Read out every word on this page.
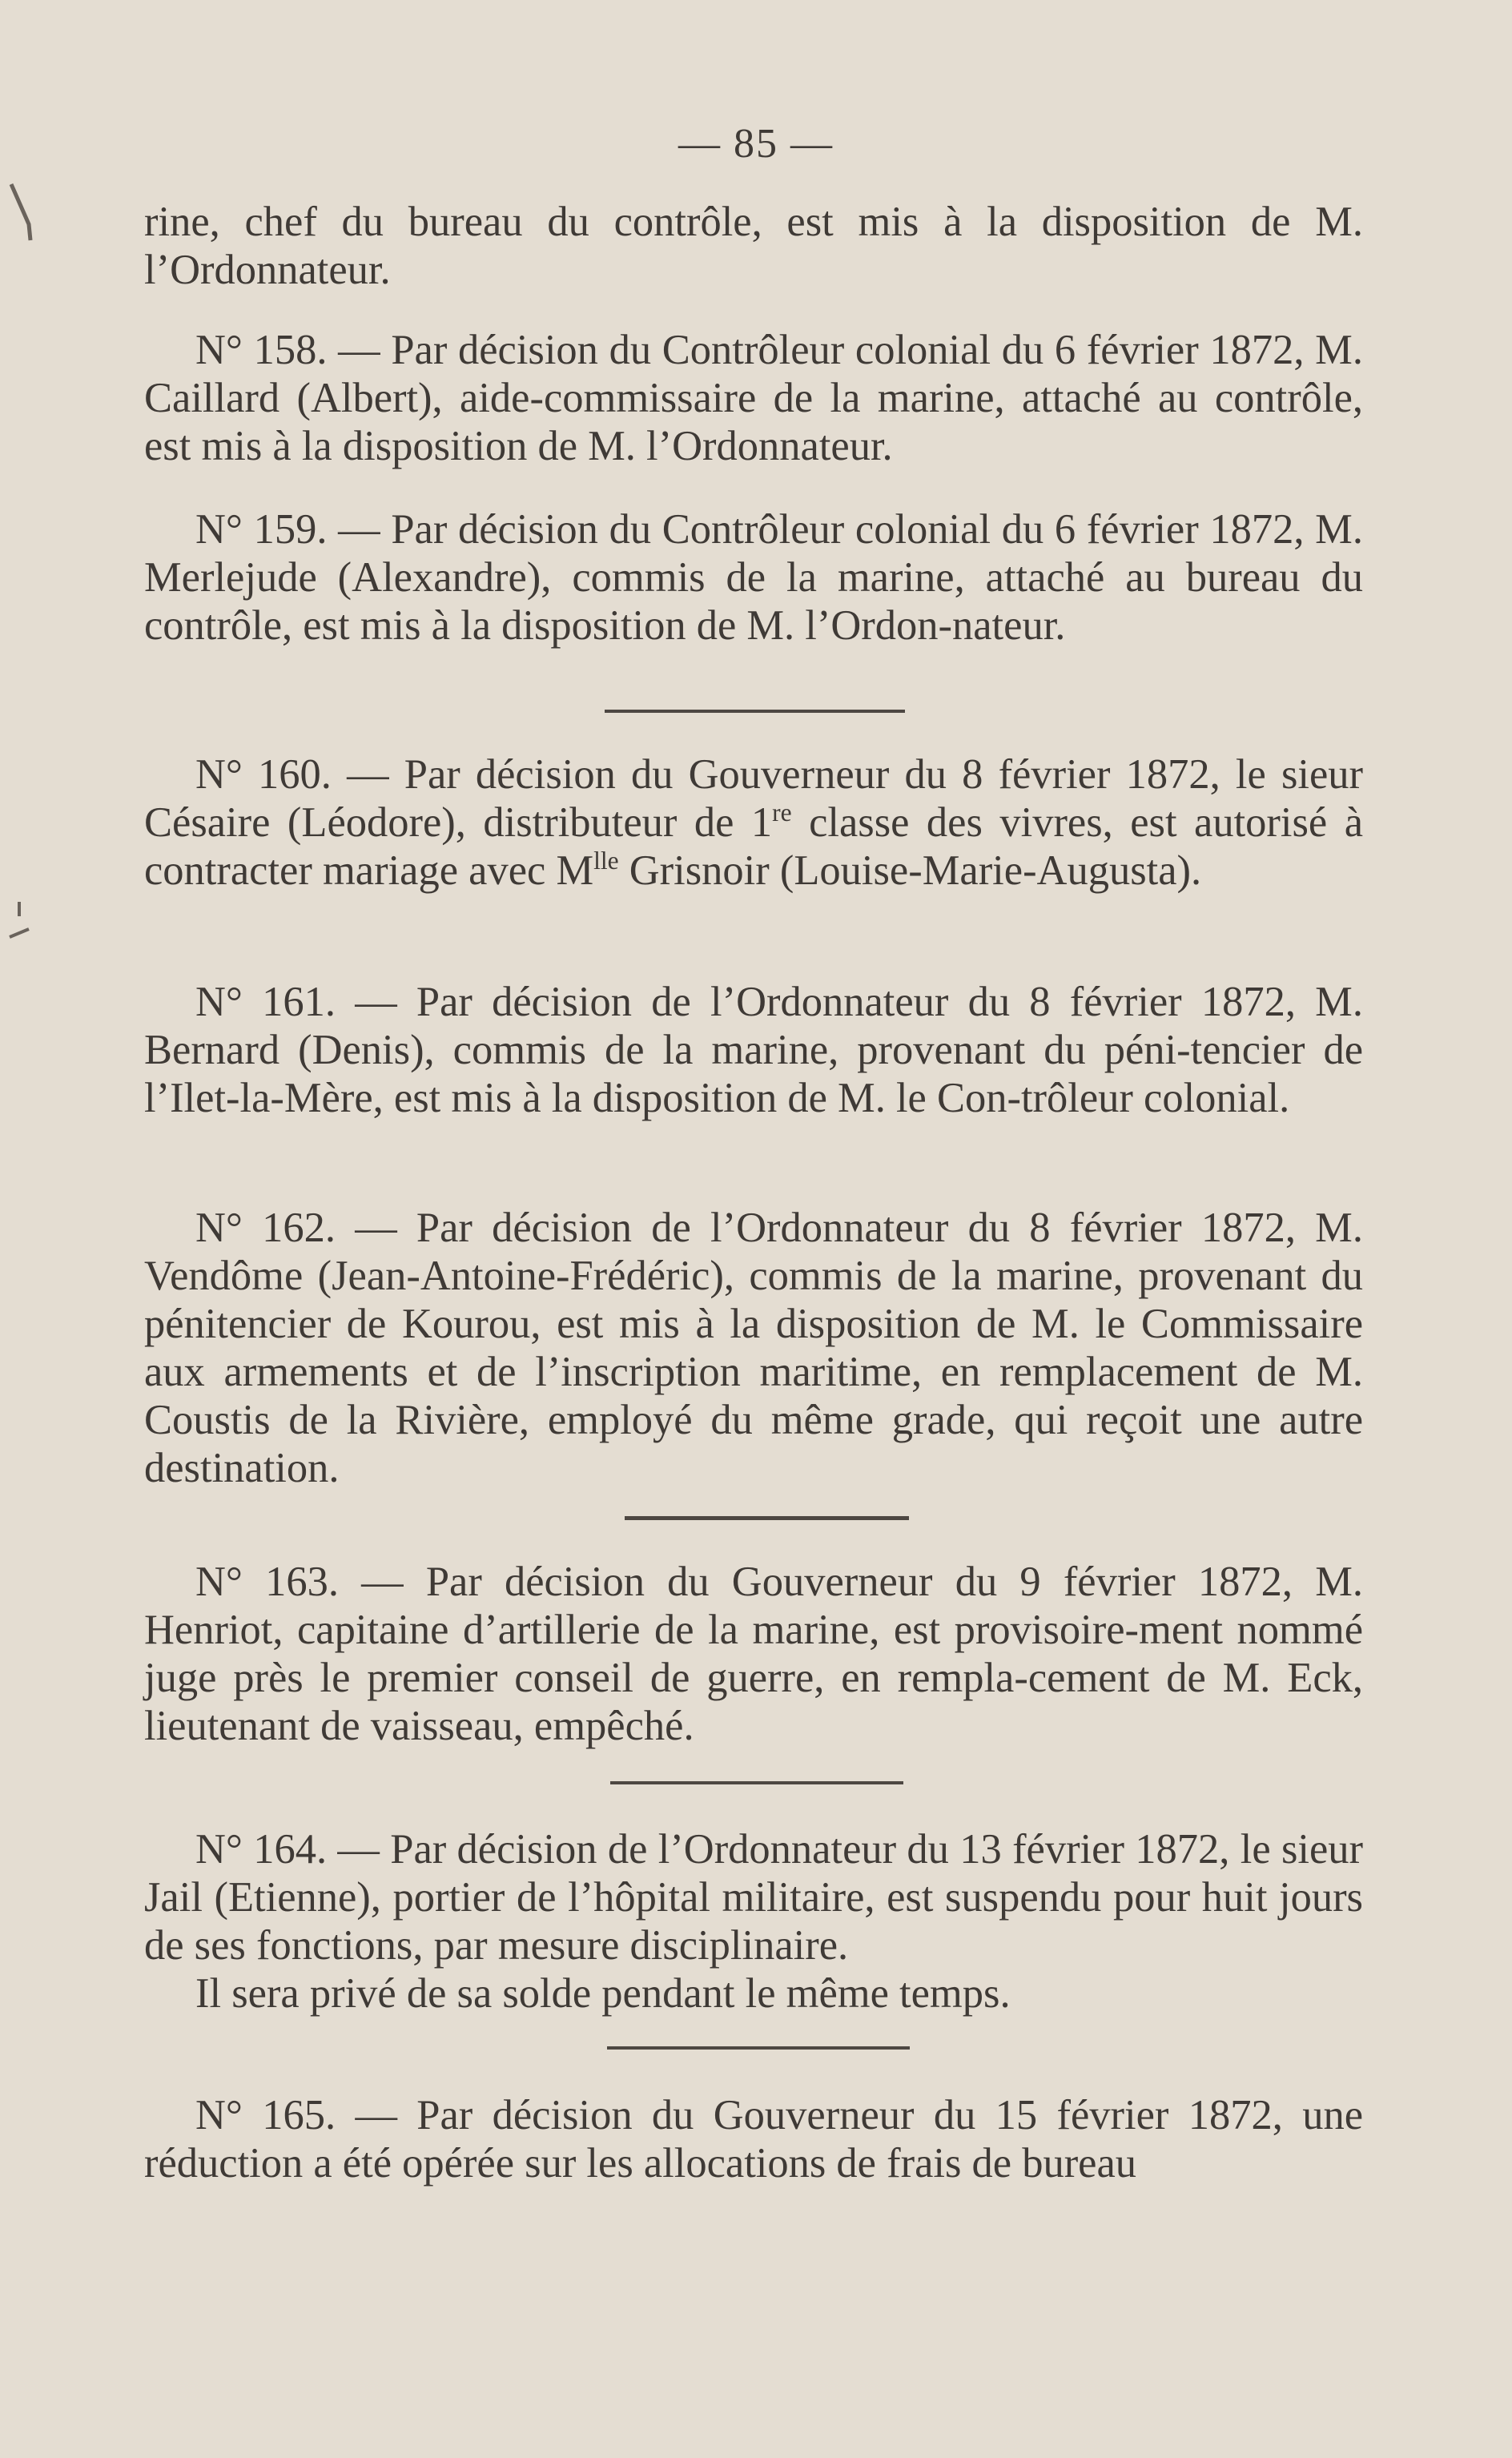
— 85 —

rine, chef du bureau du contrôle, est mis à la disposition de M. l’Ordonnateur.

N° 158. — Par décision du Contrôleur colonial du 6 février 1872, M. Caillard (Albert), aide-commissaire de la marine, attaché au contrôle, est mis à la disposition de M. l’Ordonnateur.

N° 159. — Par décision du Contrôleur colonial du 6 février 1872, M. Merlejude (Alexandre), commis de la marine, attaché au bureau du contrôle, est mis à la disposition de M. l’Ordon-nateur.

N° 160. — Par décision du Gouverneur du 8 février 1872, le sieur Césaire (Léodore), distributeur de 1re classe des vivres, est autorisé à contracter mariage avec $M^{lle}$ Grisnoir (Louise-Marie-Augusta).

N° 161. — Par décision de l’Ordonnateur du 8 février 1872, M. Bernard (Denis), commis de la marine, provenant du péni-tencier de l’Ilet-la-Mère, est mis à la disposition de M. le Con-trôleur colonial.

N° 162. — Par décision de l’Ordonnateur du 8 février 1872, M. Vendôme (Jean-Antoine-Frédéric), commis de la marine, provenant du pénitencier de Kourou, est mis à la disposition de M. le Commissaire aux armements et de l’inscription maritime, en remplacement de M. Coustis de la Rivière, employé du même grade, qui reçoit une autre destination.

N° 163. — Par décision du Gouverneur du 9 février 1872, M. Henriot, capitaine d’artillerie de la marine, est provisoire-ment nommé juge près le premier conseil de guerre, en rempla-cement de M. Eck, lieutenant de vaisseau, empêché.

N° 164. — Par décision de l’Ordonnateur du 13 février 1872, le sieur Jail (Etienne), portier de l’hôpital militaire, est suspendu pour huit jours de ses fonctions, par mesure disciplinaire.

Il sera privé de sa solde pendant le même temps.

N° 165. — Par décision du Gouverneur du 15 février 1872, une réduction a été opérée sur les allocations de frais de bureau
